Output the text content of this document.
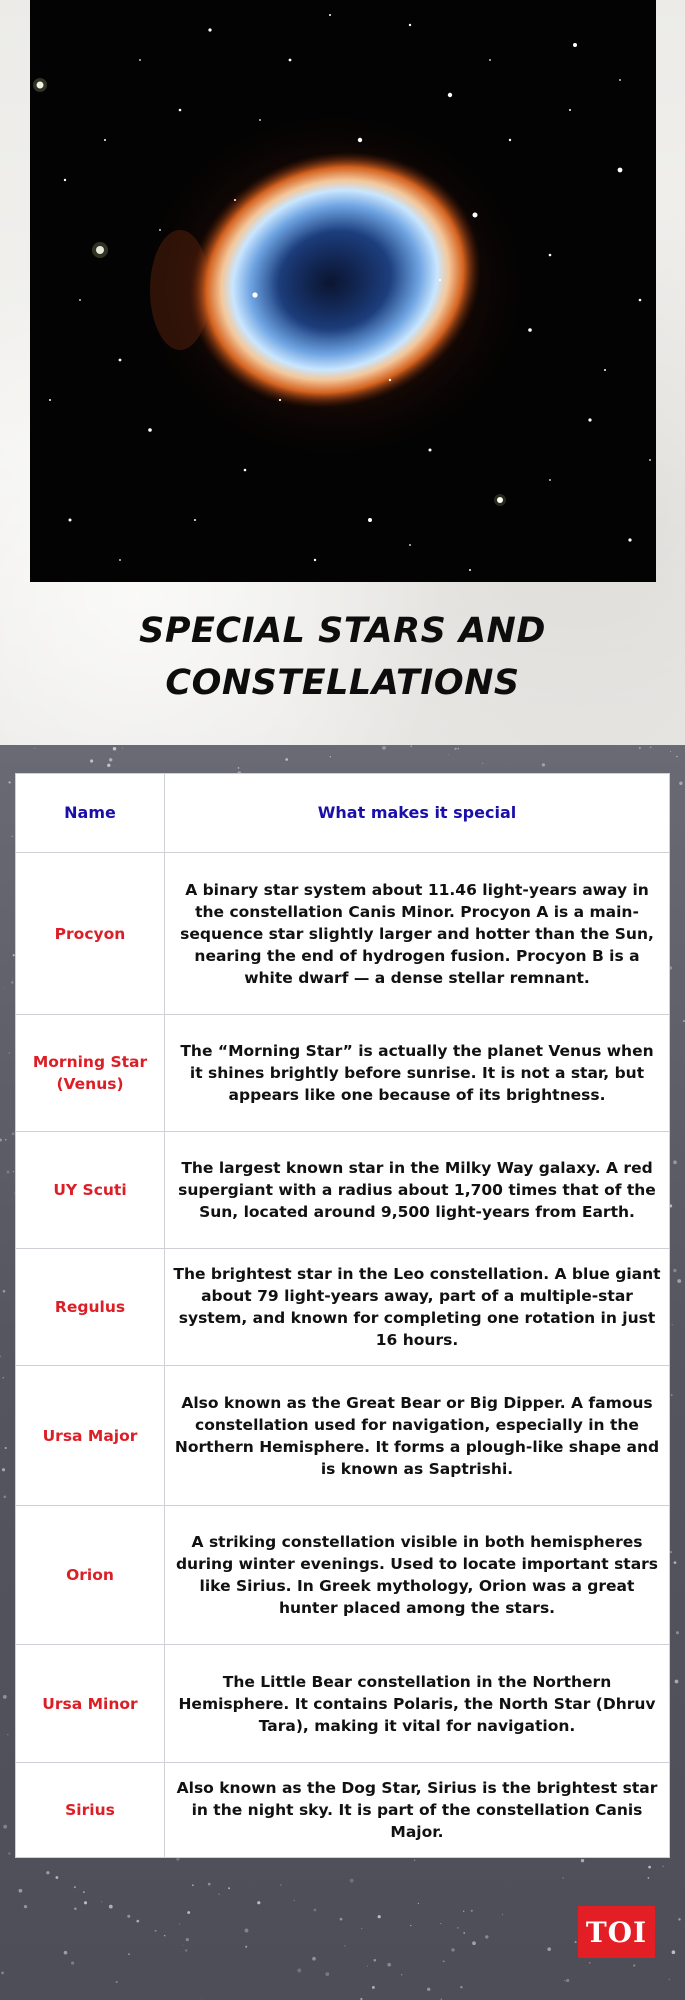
SPECIAL STARS AND
CONSTELLATIONS
Name	What makes it special
Procyon	A binary star system about 11.46 light-years away in the constellation Canis Minor. Procyon A is a main-sequence star slightly larger and hotter than the Sun, nearing the end of hydrogen fusion. Procyon B is a white dwarf — a dense stellar remnant.
Morning Star (Venus)	The “Morning Star” is actually the planet Venus when it shines brightly before sunrise. It is not a star, but appears like one because of its brightness.
UY Scuti	The largest known star in the Milky Way galaxy. A red supergiant with a radius about 1,700 times that of the Sun, located around 9,500 light-years from Earth.
Regulus	The brightest star in the Leo constellation. A blue giant about 79 light-years away, part of a multiple-star system, and known for completing one rotation in just 16 hours.
Ursa Major	Also known as the Great Bear or Big Dipper. A famous constellation used for navigation, especially in the Northern Hemisphere. It forms a plough-like shape and is known as Saptrishi.
Orion	A striking constellation visible in both hemispheres during winter evenings. Used to locate important stars like Sirius. In Greek mythology, Orion was a great hunter placed among the stars.
Ursa Minor	The Little Bear constellation in the Northern Hemisphere. It contains Polaris, the North Star (Dhruv Tara), making it vital for navigation.
Sirius	Also known as the Dog Star, Sirius is the brightest star in the night sky. It is part of the constellation Canis Major.
TOI
